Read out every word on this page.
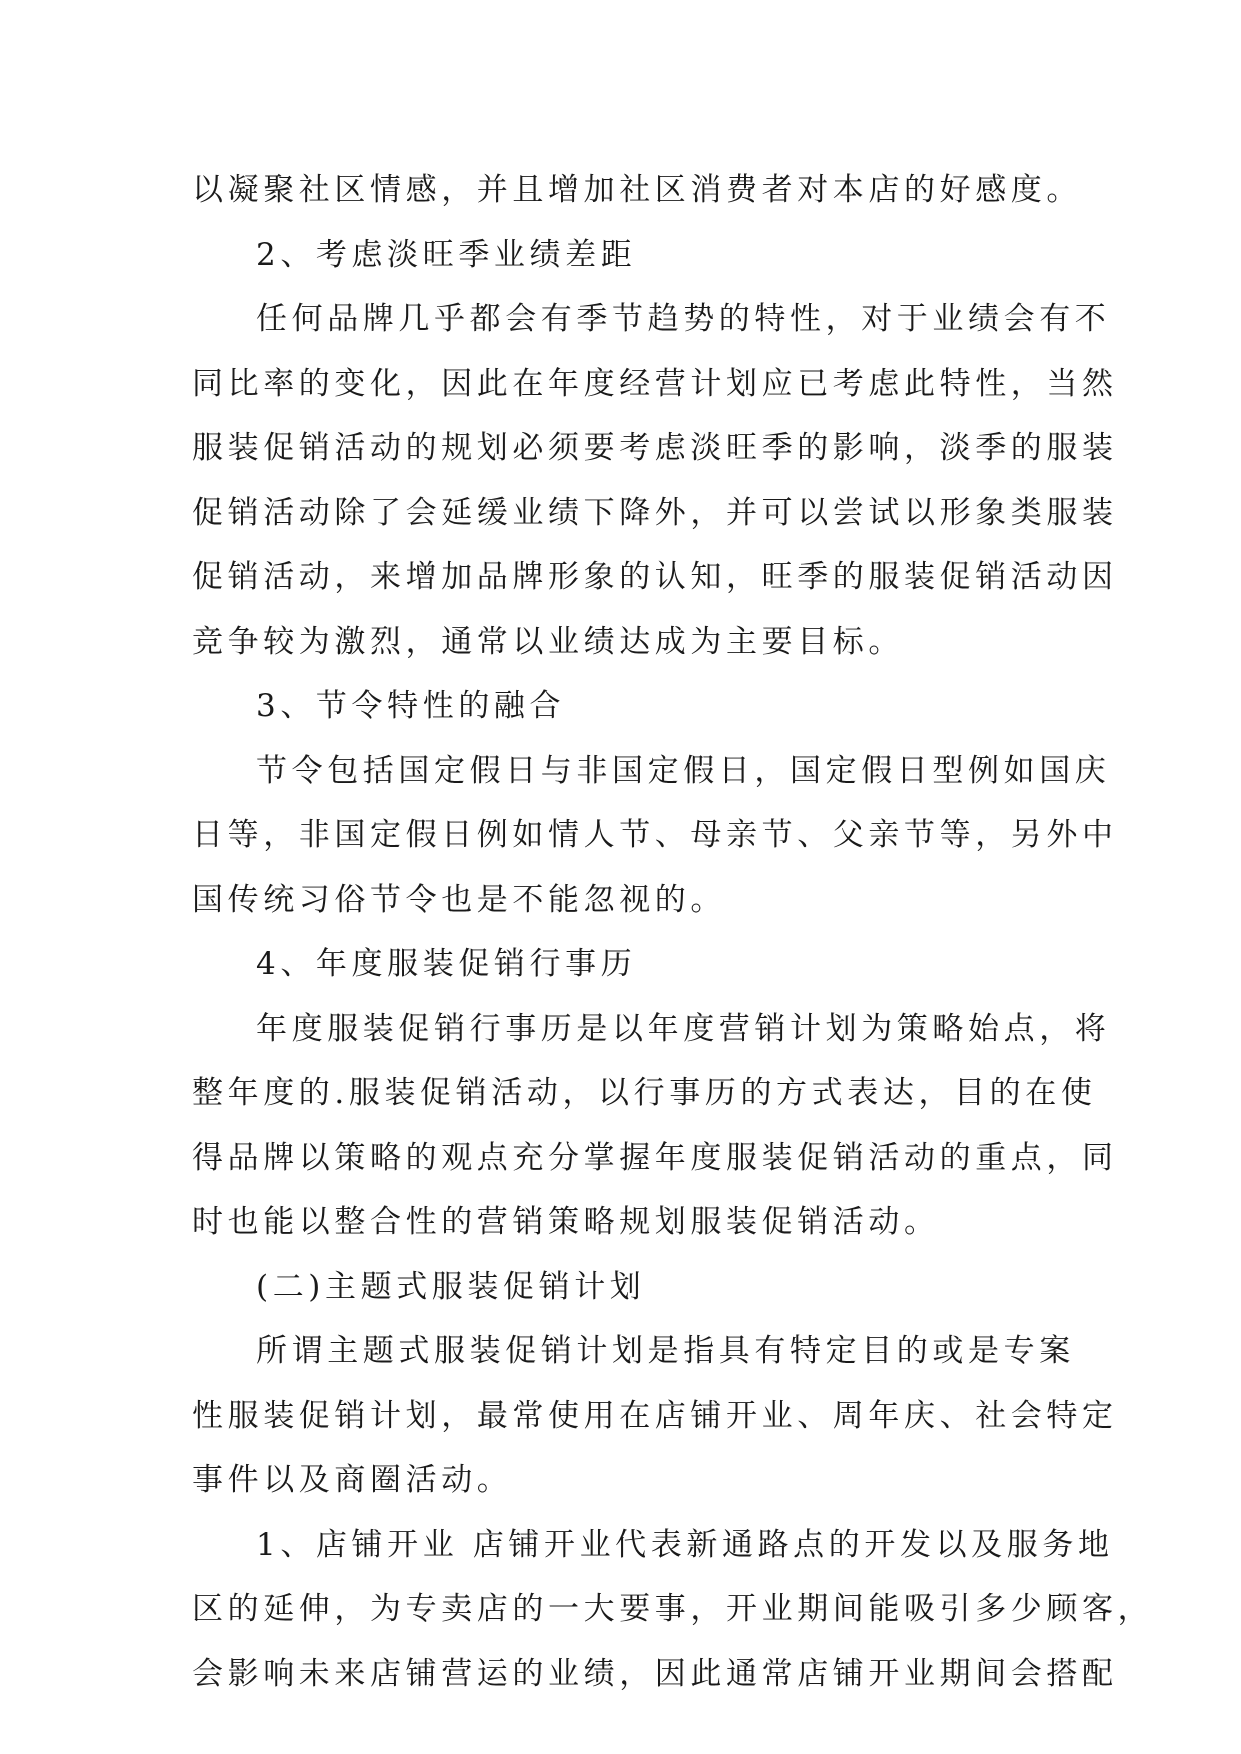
以凝聚社区情感，并且增加社区消费者对本店的好感度。
2、考虑淡旺季业绩差距
任何品牌几乎都会有季节趋势的特性，对于业绩会有不
同比率的变化，因此在年度经营计划应已考虑此特性，当然
服装促销活动的规划必须要考虑淡旺季的影响，淡季的服装
促销活动除了会延缓业绩下降外，并可以尝试以形象类服装
促销活动，来增加品牌形象的认知，旺季的服装促销活动因
竞争较为激烈，通常以业绩达成为主要目标。
3、节令特性的融合
节令包括国定假日与非国定假日，国定假日型例如国庆
日等，非国定假日例如情人节、母亲节、父亲节等，另外中
国传统习俗节令也是不能忽视的。
4、年度服装促销行事历
年度服装促销行事历是以年度营销计划为策略始点，将
整年度的.服装促销活动，以行事历的方式表达，目的在使
得品牌以策略的观点充分掌握年度服装促销活动的重点，同
时也能以整合性的营销策略规划服装促销活动。
(二)主题式服装促销计划
所谓主题式服装促销计划是指具有特定目的或是专案
性服装促销计划，最常使用在店铺开业、周年庆、社会特定
事件以及商圈活动。
1、店铺开业 店铺开业代表新通路点的开发以及服务地
区的延伸，为专卖店的一大要事，开业期间能吸引多少顾客，
会影响未来店铺营运的业绩，因此通常店铺开业期间会搭配
